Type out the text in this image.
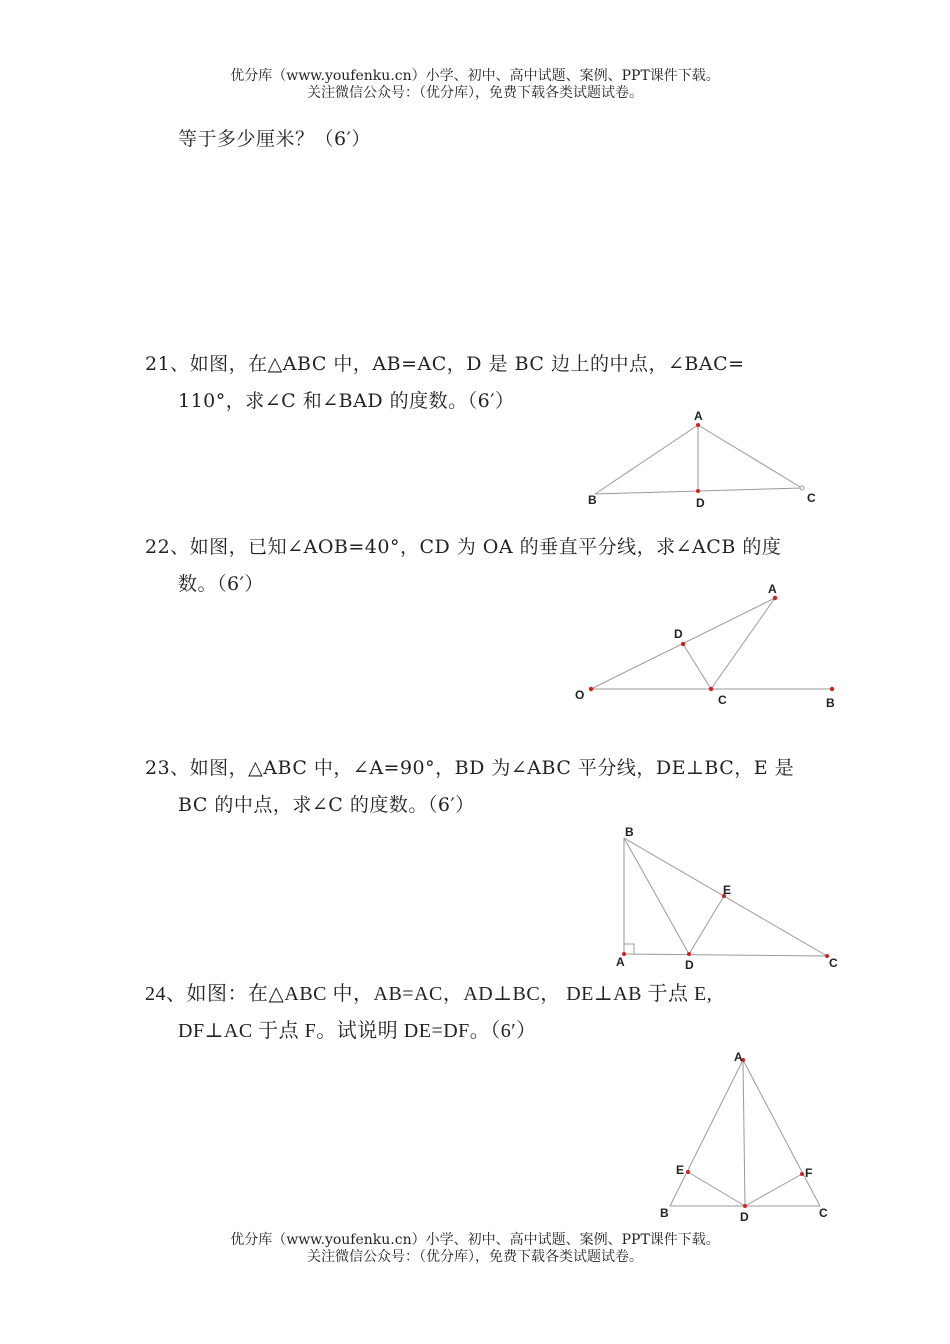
优分库（www.youfenku.cn）小学、初中、高中试题、案例、PPT课件下载。
关注微信公众号：（优分库），免费下载各类试题试卷。
等于多少厘米？（6′）
21、如图，在△ABC 中，AB=AC，D 是 BC 边上的中点，∠BAC=
110°，求∠C 和∠BAD 的度数。（6′）
A
B	D	C
22、如图，已知∠AOB=40°，CD 为 OA 的垂直平分线，求∠ACB 的度
数。（6′）	A
D
O	C	B
23、如图，△ABC 中，∠A=90°，BD 为∠ABC 平分线，DE⊥BC，E 是
BC 的中点，求∠C 的度数。（6′）
B
E
A	D	C
24、如图：在△ABC 中，AB=AC，AD⊥BC， DE⊥AB 于点 E,
DF⊥AC 于点 F。试说明 DE=DF。（6′）
A
E	F
B	D	C
优分库（www.youfenku.cn）小学、初中、高中试题、案例、PPT课件下载。
关注微信公众号：（优分库），免费下载各类试题试卷。
